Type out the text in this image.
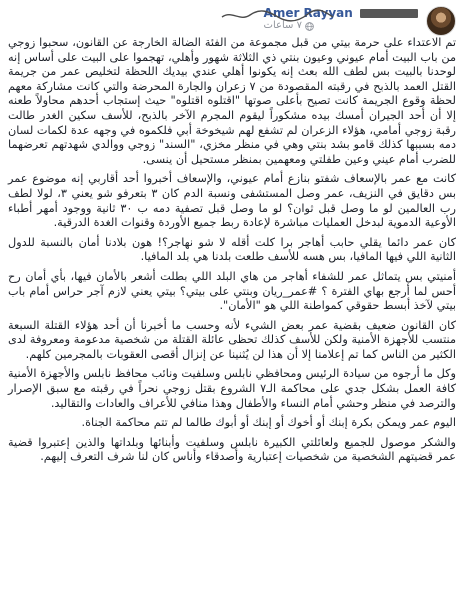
Amer Rayyan
٧ ساعات

تم الاعتداء على حرمة بيتي من قبل مجموعة من الفئة الضالة الخارجة عن القانون، سحبوا زوجي من باب البيت أمام عيوني وعيون بنتي ذي الثلاثة شهور وأهلي، تهجموا على البيت على أساس إنه لوحدنا بالبيت بس لطف الله بعث إنه يكونوا أهلي عندي بيديك اللحظة لتخليص عمر من جريمة القتل العمد بالذبح في رقبته المقصودة من ٧ زعران والجارة المحرضة والتي كانت مشاركة معهم لحظة وقوع الجريمة كانت تصيح بأعلى صوتها "اقتلوه اقتلوه" حيث إستجاب أحدهم محاولاً طعنه إلا أن أحد الجيران أمسك بيده مشكوراً ليقوم المجرم الآخر بالذبح، للأسف سكين الغدر طالت رقبة زوجي أمامي، هؤلاء الزعران لم تشفع لهم شيخوخة أبي فلكموه في وجهه عدة لكمات لسان دمه بسببها كذلك قامو بشد بنتي وهي في منظر مخزي، "السند" زوجي ووالدي شهدتهم تعرضهما للضرب أمام عيني وعين طفلتي ومعهمين بمنظر مستحيل أن ينسى.

كانت مع عمر بالإسعاف شفتو بنازع أمام عيوني، والإسعاف أخبروا أحد أقاربي إنه موضوع عمر بس دقايق في النزيف، عمر وصل المستشفى ونسبة الدم كان ٣ بتعرفو شو يعني ٣، لولا لطف رب العالمين لو ما وصل قبل ثوان؟ لو ما وصل قبل تصفية دمه ب ٣٠ ثانية ووجود أمهر أطباء الأوعية الدموية لبدخل العمليات مباشرة لإعادة ربط جميع الأوردة وقنوات الغدة الدرقية.

كان عمر دائما يقلي حابب أهاجر برا كلت أقله لا شو نهاجر؟! هون بلادنا أمان بالنسبة للدول الثانية اللي فيها المافيا، بس هسه للأسف طلعت بلدنا هي بلد المافيا.

أمنيتي بس يتماثل عمر للشفاء أهاجر من هاي البلد اللي بطلت أشعر بالأمان فيها، بأي أمان رح أحس لما أرجع بهاي الفترة ؟ #عمر_ريان وبنتي على بيتي؟ بيتي يعني لازم آجر حراس أمام باب بيتي لآخذ أبسط حقوقي كمواطنة اللي هو "الأمان".

كان القانون ضعيف بقضية عمر بعض الشيء لأنه وحسب ما أخبرنا أن أحد هؤلاء القتلة السبعة منتسب للأجهزة الأمنية ولكن للأسف كذلك تحظى عائلة القتلة من شخصية مدعومة ومعروفة لدى الكثير من الناس كما تم إعلامنا إلا أن هذا لن يُثنينا عن إنزال أقصى العقوبات بالمجرمين كلهم.

وكل ما أرجوه من سيادة الرئيس ومحافظي نابلس وسلفيت ونائب محافظ نابلس والأجهزة الأمنية كافة العمل بشكل جدي على محاكمة الـ٧ الشروع بقتل زوجي نحراً في رقبته مع سبق الإصرار والترصد في منظر وحشي أمام النساء والأطفال وهذا منافي للأعراف والعادات والتقاليد.

اليوم عمر ويمكن بكرة إبنك أو أخوك أو إبنك أو أبوك طالما لم تتم محاكمة الجناة.

والشكر موصول للجميع ولعائلتي الكبيرة نابلس وسلفيت وأبنائها وبلداتها والذين إعتبروا قضية عمر قضيتهم الشخصية من شخصيات إعتبارية وأصدقاء وأناس كان لنا شرف التعرف إليهم.
